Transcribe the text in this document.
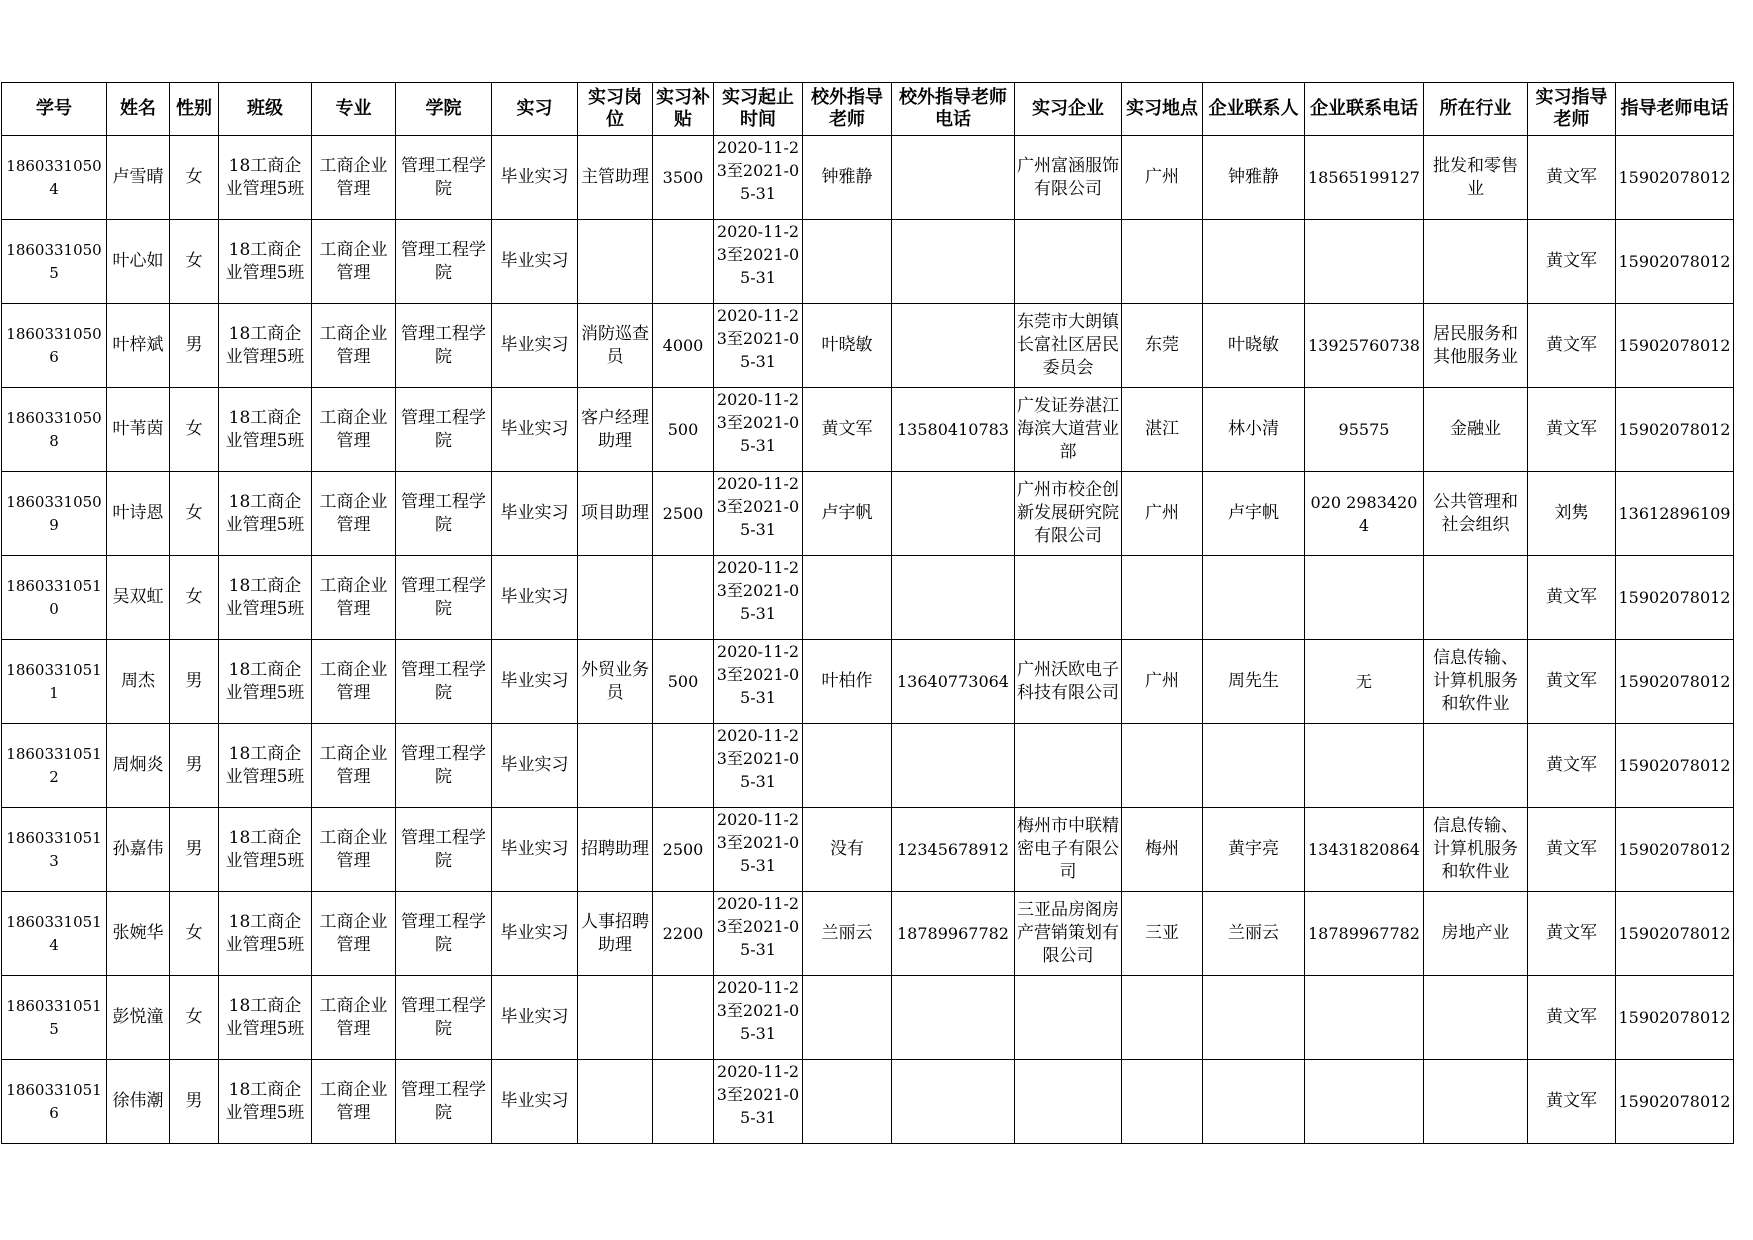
学号	姓名	性别	班级	专业	学院	实习	实习岗位	实习补贴	实习起止时间	校外指导老师	校外指导老师电话	实习企业	实习地点	企业联系人	企业联系电话	所在行业	实习指导老师	指导老师电话

18603310504	卢雪晴	女	18工商企业管理5班	工商企业管理	管理工程学院	毕业实习	主管助理	3500	2020-11-23至2021-05-31	钟雅静		广州富涵服饰有限公司	广州	钟雅静	18565199127	批发和零售业	黄文军	15902078012

18603310505	叶心如	女	18工商企业管理5班	工商企业管理	管理工程学院	毕业实习			2020-11-23至2021-05-31								黄文军	15902078012

18603310506	叶梓斌	男	18工商企业管理5班	工商企业管理	管理工程学院	毕业实习	消防巡查员	4000	2020-11-23至2021-05-31	叶晓敏		东莞市大朗镇长富社区居民委员会	东莞	叶晓敏	13925760738	居民服务和其他服务业	黄文军	15902078012

18603310508	叶苇茵	女	18工商企业管理5班	工商企业管理	管理工程学院	毕业实习	客户经理助理	500	2020-11-23至2021-05-31	黄文军	13580410783	广发证券湛江海滨大道营业部	湛江	林小清	95575	金融业	黄文军	15902078012

18603310509	叶诗恩	女	18工商企业管理5班	工商企业管理	管理工程学院	毕业实习	项目助理	2500	2020-11-23至2021-05-31	卢宇帆		广州市校企创新发展研究院有限公司	广州	卢宇帆	020 29834204	公共管理和社会组织	刘隽	13612896109

18603310510	吴双虹	女	18工商企业管理5班	工商企业管理	管理工程学院	毕业实习			2020-11-23至2021-05-31								黄文军	15902078012

18603310511	周杰	男	18工商企业管理5班	工商企业管理	管理工程学院	毕业实习	外贸业务员	500	2020-11-23至2021-05-31	叶柏作	13640773064	广州沃欧电子科技有限公司	广州	周先生	无	信息传输、计算机服务和软件业	黄文军	15902078012

18603310512	周炯炎	男	18工商企业管理5班	工商企业管理	管理工程学院	毕业实习			2020-11-23至2021-05-31								黄文军	15902078012

18603310513	孙嘉伟	男	18工商企业管理5班	工商企业管理	管理工程学院	毕业实习	招聘助理	2500	2020-11-23至2021-05-31	没有	12345678912	梅州市中联精密电子有限公司	梅州	黄宇亮	13431820864	信息传输、计算机服务和软件业	黄文军	15902078012

18603310514	张婉华	女	18工商企业管理5班	工商企业管理	管理工程学院	毕业实习	人事招聘助理	2200	2020-11-23至2021-05-31	兰丽云	18789967782	三亚品房阁房产营销策划有限公司	三亚	兰丽云	18789967782	房地产业	黄文军	15902078012

18603310515	彭悦潼	女	18工商企业管理5班	工商企业管理	管理工程学院	毕业实习			2020-11-23至2021-05-31								黄文军	15902078012

18603310516	徐伟潮	男	18工商企业管理5班	工商企业管理	管理工程学院	毕业实习			2020-11-23至2021-05-31								黄文军	15902078012
